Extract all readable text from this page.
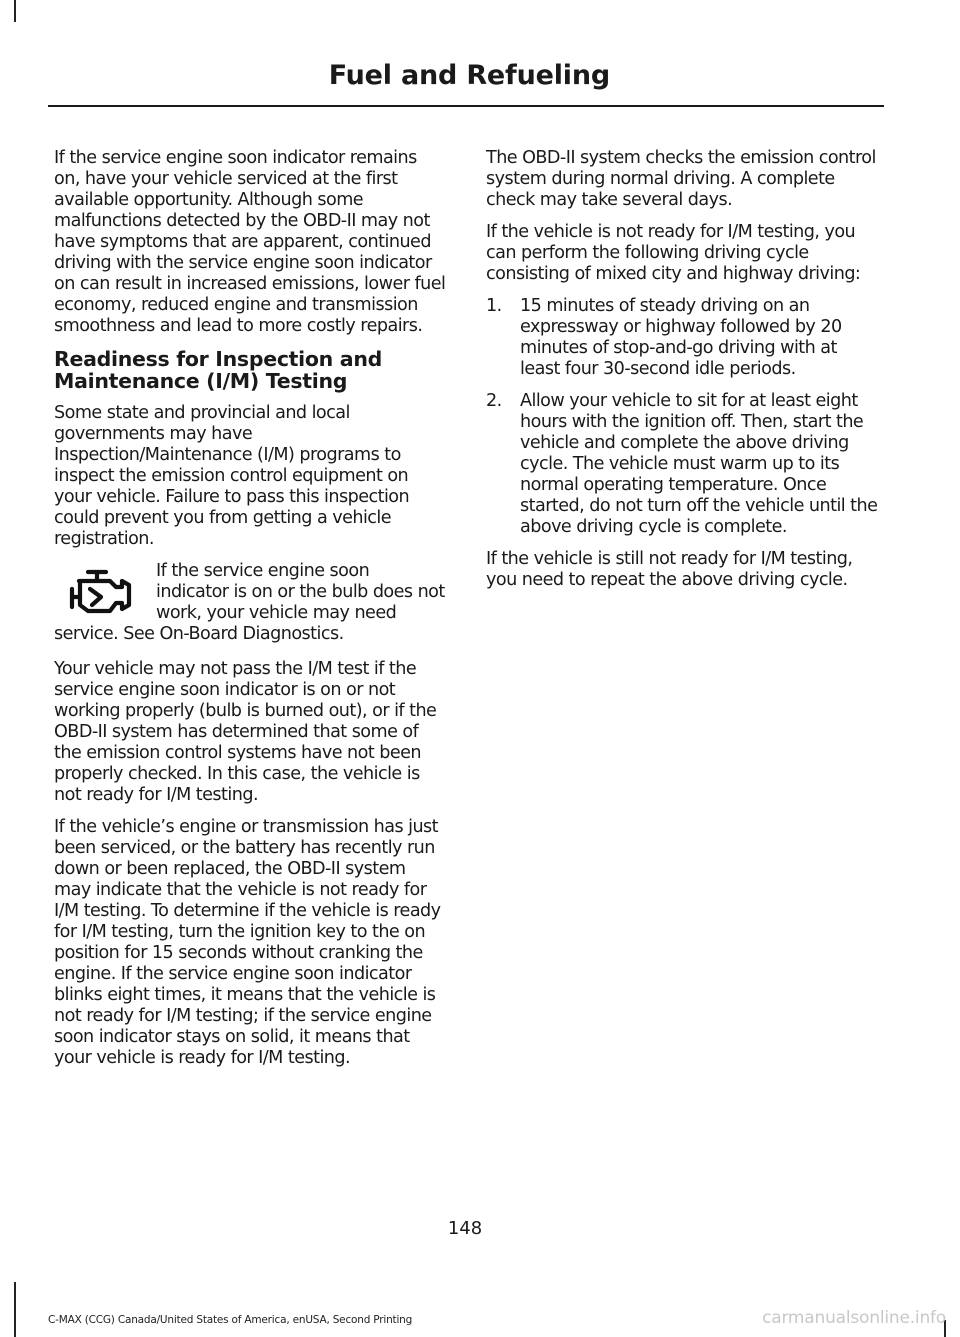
Fuel and Refueling

If the service engine soon indicator remains on, have your vehicle serviced at the first available opportunity. Although some malfunctions detected by the OBD-II may not have symptoms that are apparent, continued driving with the service engine soon indicator on can result in increased emissions, lower fuel economy, reduced engine and transmission smoothness and lead to more costly repairs.

Readiness for Inspection and Maintenance (I/M) Testing

Some state and provincial and local governments may have Inspection/Maintenance (I/M) programs to inspect the emission control equipment on your vehicle. Failure to pass this inspection could prevent you from getting a vehicle registration.

If the service engine soon indicator is on or the bulb does not work, your vehicle may need service. See On-Board Diagnostics.

Your vehicle may not pass the I/M test if the service engine soon indicator is on or not working properly (bulb is burned out), or if the OBD-II system has determined that some of the emission control systems have not been properly checked. In this case, the vehicle is not ready for I/M testing.

If the vehicle’s engine or transmission has just been serviced, or the battery has recently run down or been replaced, the OBD-II system may indicate that the vehicle is not ready for I/M testing. To determine if the vehicle is ready for I/M testing, turn the ignition key to the on position for 15 seconds without cranking the engine. If the service engine soon indicator blinks eight times, it means that the vehicle is not ready for I/M testing; if the service engine soon indicator stays on solid, it means that your vehicle is ready for I/M testing.

The OBD-II system checks the emission control system during normal driving. A complete check may take several days.

If the vehicle is not ready for I/M testing, you can perform the following driving cycle consisting of mixed city and highway driving:

1. 15 minutes of steady driving on an expressway or highway followed by 20 minutes of stop-and-go driving with at least four 30-second idle periods.
2. Allow your vehicle to sit for at least eight hours with the ignition off. Then, start the vehicle and complete the above driving cycle. The vehicle must warm up to its normal operating temperature. Once started, do not turn off the vehicle until the above driving cycle is complete.

If the vehicle is still not ready for I/M testing, you need to repeat the above driving cycle.

148
C-MAX (CCG) Canada/United States of America, enUSA, Second Printing	carmanualsonline.info
